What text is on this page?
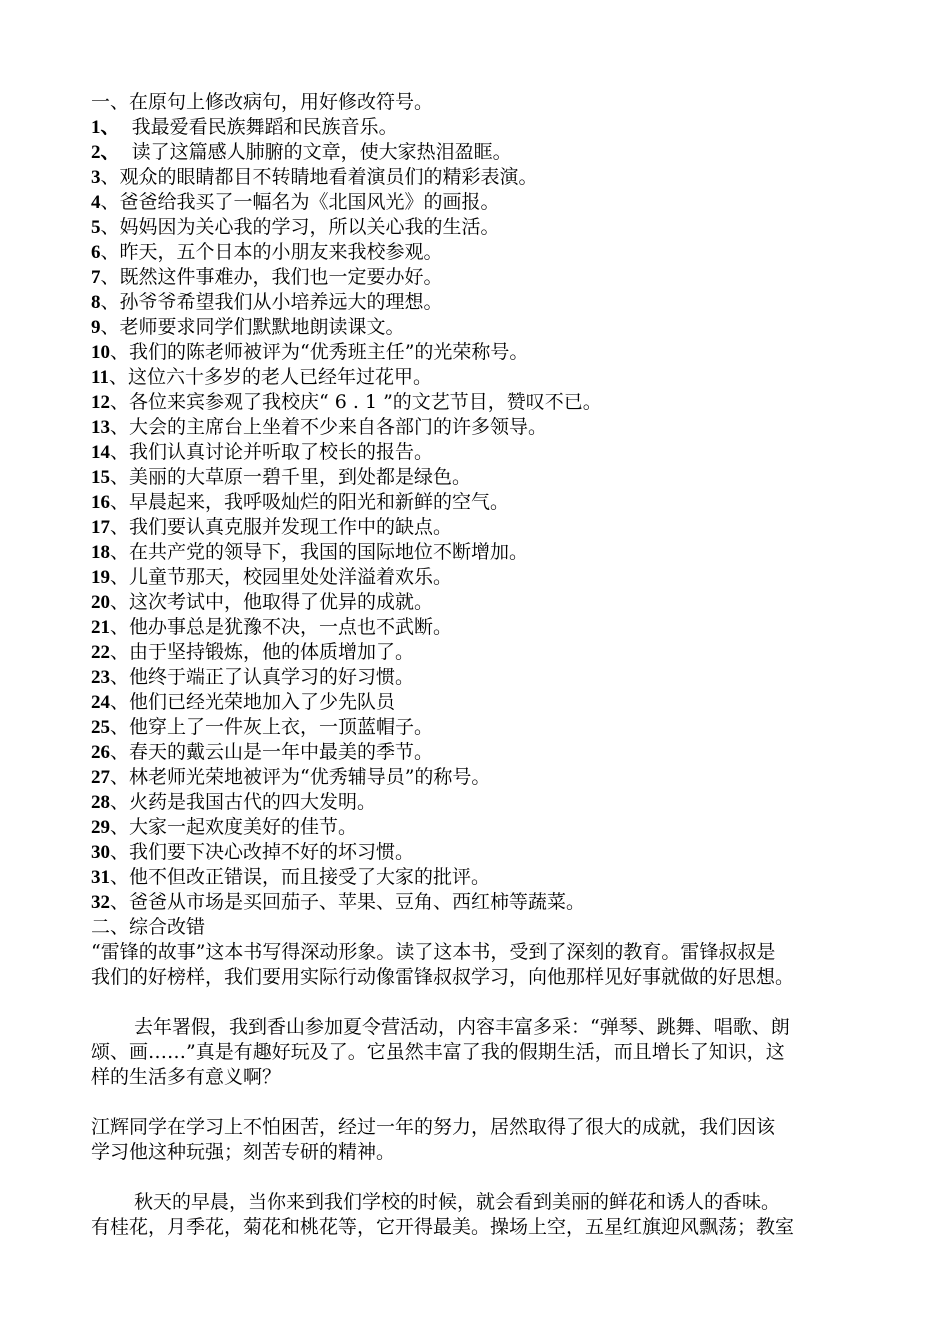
一、在原句上修改病句，用好修改符号。
1、  我最爱看民族舞蹈和民族音乐。
2、  读了这篇感人肺腑的文章，使大家热泪盈眶。
3、观众的眼睛都目不转睛地看着演员们的精彩表演。
4、爸爸给我买了一幅名为《北国风光》的画报。
5、妈妈因为关心我的学习，所以关心我的生活。
6、昨天，五个日本的小朋友来我校参观。
7、既然这件事难办，我们也一定要办好。
8、孙爷爷希望我们从小培养远大的理想。
9、老师要求同学们默默地朗读课文。
10、我们的陈老师被评为“优秀班主任”的光荣称号。
11、这位六十多岁的老人已经年过花甲。
12、各位来宾参观了我校庆“ 6 . 1 ”的文艺节目，赞叹不已。
13、大会的主席台上坐着不少来自各部门的许多领导。
14、我们认真讨论并听取了校长的报告。
15、美丽的大草原一碧千里，到处都是绿色。
16、早晨起来，我呼吸灿烂的阳光和新鲜的空气。
17、我们要认真克服并发现工作中的缺点。
18、在共产党的领导下，我国的国际地位不断增加。
19、儿童节那天，校园里处处洋溢着欢乐。
20、这次考试中，他取得了优异的成就。
21、他办事总是犹豫不决，一点也不武断。
22、由于坚持锻炼，他的体质增加了。
23、他终于端正了认真学习的好习惯。
24、他们已经光荣地加入了少先队员
25、他穿上了一件灰上衣，一顶蓝帽子。
26、春天的戴云山是一年中最美的季节。
27、林老师光荣地被评为“优秀辅导员”的称号。
28、火药是我国古代的四大发明。
29、大家一起欢度美好的佳节。
30、我们要下决心改掉不好的坏习惯。
31、他不但改正错误，而且接受了大家的批评。
32、爸爸从市场是买回茄子、苹果、豆角、西红柿等蔬菜。
二、综合改错
“雷锋的故事”这本书写得深动形象。读了这本书，受到了深刻的教育。雷锋叔叔是
我们的好榜样，我们要用实际行动像雷锋叔叔学习，向他那样见好事就做的好思想。
去年署假，我到香山参加夏令营活动，内容丰富多采：“弹琴、跳舞、唱歌、朗
颂、画……”真是有趣好玩及了。它虽然丰富了我的假期生活，而且增长了知识，这
样的生活多有意义啊？
江辉同学在学习上不怕困苦，经过一年的努力，居然取得了很大的成就，我们因该
学习他这种玩强；刻苦专研的精神。
秋天的早晨，当你来到我们学校的时候，就会看到美丽的鲜花和诱人的香味。
有桂花，月季花，菊花和桃花等，它开得最美。操场上空，五星红旗迎风飘荡；教室
